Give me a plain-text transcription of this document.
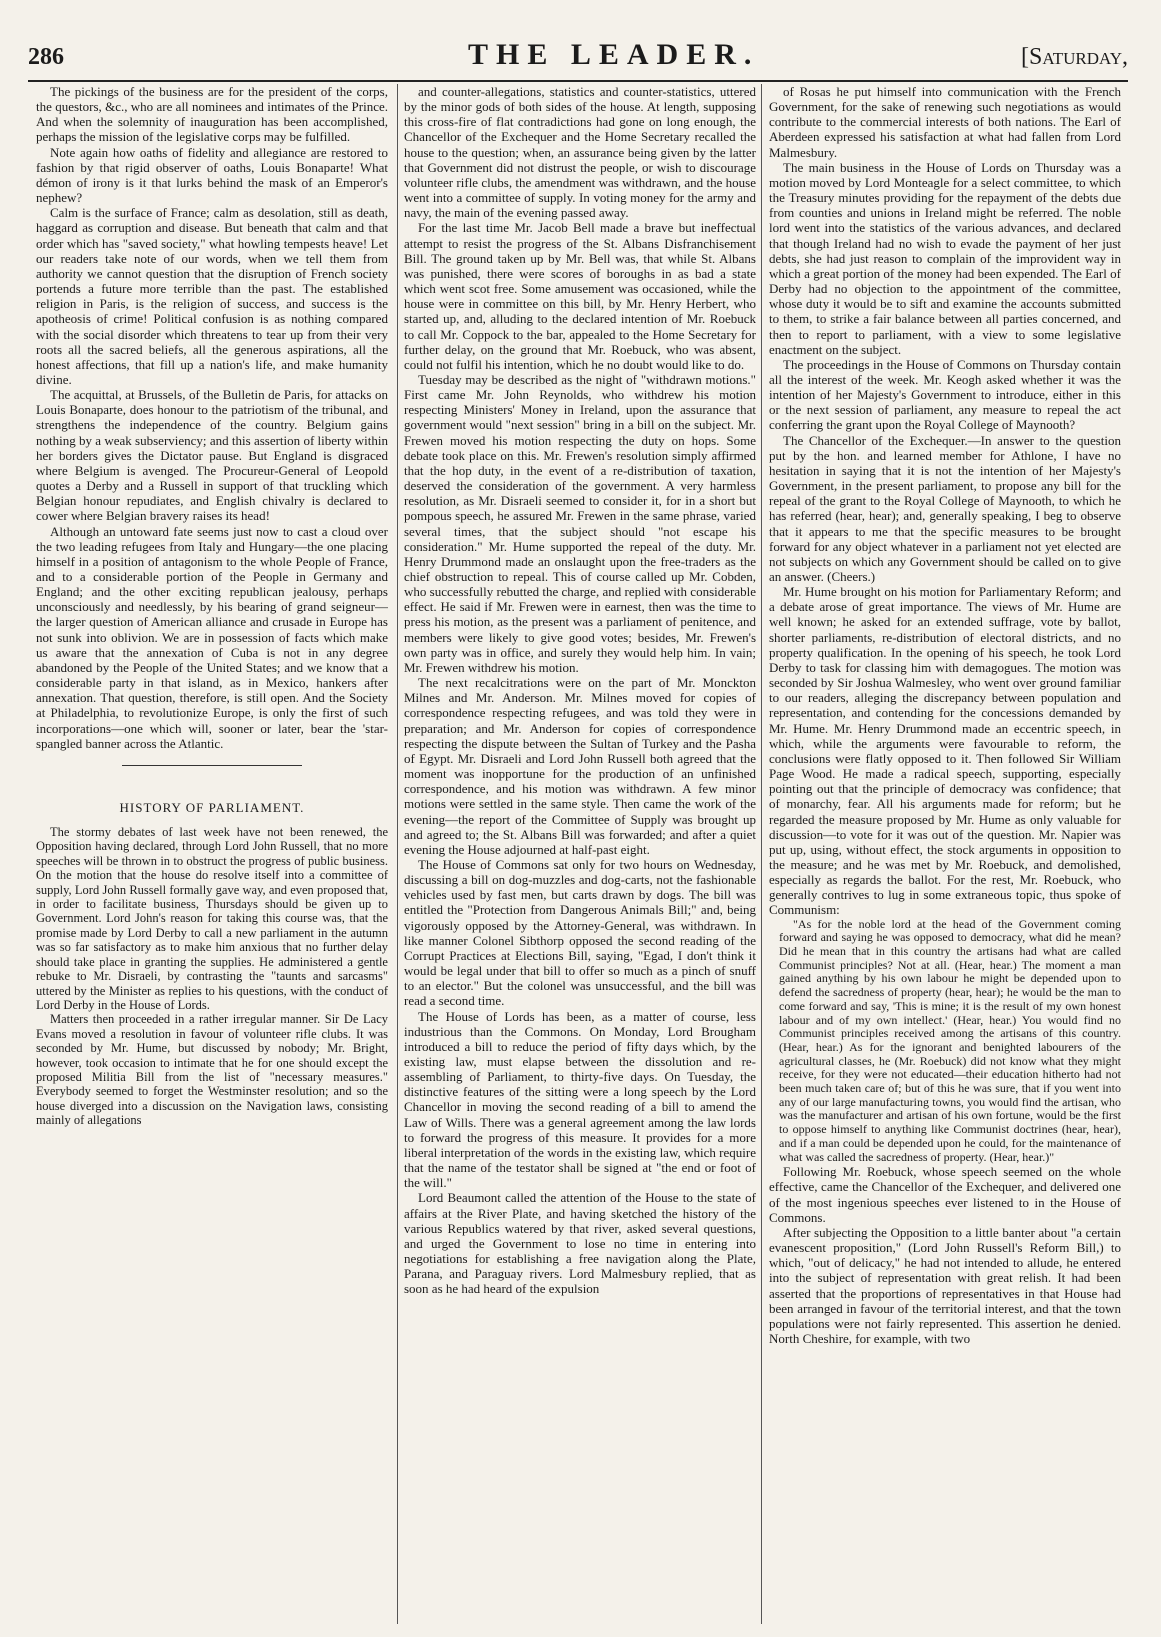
286	THE LEADER.	[Saturday,

The pickings of the business are for the president of the corps, the questors, &c., who are all nominees and intimates of the Prince. And when the solemnity of inauguration has been accomplished, perhaps the mission of the legislative corps may be fulfilled.

Note again how oaths of fidelity and allegiance are restored to fashion by that rigid observer of oaths, Louis Bonaparte! What démon of irony is it that lurks behind the mask of an Emperor's nephew?

Calm is the surface of France; calm as desolation, still as death, haggard as corruption and disease. But beneath that calm and that order which has "saved society," what howling tempests heave! Let our readers take note of our words, when we tell them from authority we cannot question that the disruption of French society portends a future more terrible than the past. The established religion in Paris, is the religion of success, and success is the apotheosis of crime! Political confusion is as nothing compared with the social disorder which threatens to tear up from their very roots all the sacred beliefs, all the generous aspirations, all the honest affections, that fill up a nation's life, and make humanity divine.

The acquittal, at Brussels, of the Bulletin de Paris, for attacks on Louis Bonaparte, does honour to the patriotism of the tribunal, and strengthens the independence of the country. Belgium gains nothing by a weak subserviency; and this assertion of liberty within her borders gives the Dictator pause. But England is disgraced where Belgium is avenged. The Procureur-General of Leopold quotes a Derby and a Russell in support of that truckling which Belgian honour repudiates, and English chivalry is declared to cower where Belgian bravery raises its head!

Although an untoward fate seems just now to cast a cloud over the two leading refugees from Italy and Hungary—the one placing himself in a position of antagonism to the whole People of France, and to a considerable portion of the People in Germany and England; and the other exciting republican jealousy, perhaps unconsciously and needlessly, by his bearing of grand seigneur—the larger question of American alliance and crusade in Europe has not sunk into oblivion. We are in possession of facts which make us aware that the annexation of Cuba is not in any degree abandoned by the People of the United States; and we know that a considerable party in that island, as in Mexico, hankers after annexation. That question, therefore, is still open. And the Society at Philadelphia, to revolutionize Europe, is only the first of such incorporations—one which will, sooner or later, bear the 'star-spangled banner across the Atlantic.

HISTORY OF PARLIAMENT.

The stormy debates of last week have not been renewed, the Opposition having declared, through Lord John Russell, that no more speeches will be thrown in to obstruct the progress of public business. On the motion that the house do resolve itself into a committee of supply, Lord John Russell formally gave way, and even proposed that, in order to facilitate business, Thursdays should be given up to Government. Lord John's reason for taking this course was, that the promise made by Lord Derby to call a new parliament in the autumn was so far satisfactory as to make him anxious that no further delay should take place in granting the supplies. He administered a gentle rebuke to Mr. Disraeli, by contrasting the "taunts and sarcasms" uttered by the Minister as replies to his questions, with the conduct of Lord Derby in the House of Lords.

Matters then proceeded in a rather irregular manner. Sir De Lacy Evans moved a resolution in favour of volunteer rifle clubs. It was seconded by Mr. Hume, but discussed by nobody; Mr. Bright, however, took occasion to intimate that he for one should except the proposed Militia Bill from the list of "necessary measures." Everybody seemed to forget the Westminster resolution; and so the house diverged into a discussion on the Navigation laws, consisting mainly of allegations

and counter-allegations, statistics and counter-statistics, uttered by the minor gods of both sides of the house. At length, supposing this cross-fire of flat contradictions had gone on long enough, the Chancellor of the Exchequer and the Home Secretary recalled the house to the question; when, an assurance being given by the latter that Government did not distrust the people, or wish to discourage volunteer rifle clubs, the amendment was withdrawn, and the house went into a committee of supply. In voting money for the army and navy, the main of the evening passed away.

For the last time Mr. Jacob Bell made a brave but ineffectual attempt to resist the progress of the St. Albans Disfranchisement Bill. The ground taken up by Mr. Bell was, that while St. Albans was punished, there were scores of boroughs in as bad a state which went scot free. Some amusement was occasioned, while the house were in committee on this bill, by Mr. Henry Herbert, who started up, and, alluding to the declared intention of Mr. Roebuck to call Mr. Coppock to the bar, appealed to the Home Secretary for further delay, on the ground that Mr. Roebuck, who was absent, could not fulfil his intention, which he no doubt would like to do.

Tuesday may be described as the night of "withdrawn motions." First came Mr. John Reynolds, who withdrew his motion respecting Ministers' Money in Ireland, upon the assurance that government would "next session" bring in a bill on the subject. Mr. Frewen moved his motion respecting the duty on hops. Some debate took place on this. Mr. Frewen's resolution simply affirmed that the hop duty, in the event of a re-distribution of taxation, deserved the consideration of the government. A very harmless resolution, as Mr. Disraeli seemed to consider it, for in a short but pompous speech, he assured Mr. Frewen in the same phrase, varied several times, that the subject should "not escape his consideration." Mr. Hume supported the repeal of the duty. Mr. Henry Drummond made an onslaught upon the free-traders as the chief obstruction to repeal. This of course called up Mr. Cobden, who successfully rebutted the charge, and replied with considerable effect. He said if Mr. Frewen were in earnest, then was the time to press his motion, as the present was a parliament of penitence, and members were likely to give good votes; besides, Mr. Frewen's own party was in office, and surely they would help him. In vain; Mr. Frewen withdrew his motion.

The next recalcitrations were on the part of Mr. Monckton Milnes and Mr. Anderson. Mr. Milnes moved for copies of correspondence respecting refugees, and was told they were in preparation; and Mr. Anderson for copies of correspondence respecting the dispute between the Sultan of Turkey and the Pasha of Egypt. Mr. Disraeli and Lord John Russell both agreed that the moment was inopportune for the production of an unfinished correspondence, and his motion was withdrawn. A few minor motions were settled in the same style. Then came the work of the evening—the report of the Committee of Supply was brought up and agreed to; the St. Albans Bill was forwarded; and after a quiet evening the House adjourned at half-past eight.

The House of Commons sat only for two hours on Wednesday, discussing a bill on dog-muzzles and dog-carts, not the fashionable vehicles used by fast men, but carts drawn by dogs. The bill was entitled the "Protection from Dangerous Animals Bill;" and, being vigorously opposed by the Attorney-General, was withdrawn. In like manner Colonel Sibthorp opposed the second reading of the Corrupt Practices at Elections Bill, saying, "Egad, I don't think it would be legal under that bill to offer so much as a pinch of snuff to an elector." But the colonel was unsuccessful, and the bill was read a second time.

The House of Lords has been, as a matter of course, less industrious than the Commons. On Monday, Lord Brougham introduced a bill to reduce the period of fifty days which, by the existing law, must elapse between the dissolution and re-assembling of Parliament, to thirty-five days. On Tuesday, the distinctive features of the sitting were a long speech by the Lord Chancellor in moving the second reading of a bill to amend the Law of Wills. There was a general agreement among the law lords to forward the progress of this measure. It provides for a more liberal interpretation of the words in the existing law, which require that the name of the testator shall be signed at "the end or foot of the will."

Lord Beaumont called the attention of the House to the state of affairs at the River Plate, and having sketched the history of the various Republics watered by that river, asked several questions, and urged the Government to lose no time in entering into negotiations for establishing a free navigation along the Plate, Parana, and Paraguay rivers. Lord Malmesbury replied, that as soon as he had heard of the expulsion

of Rosas he put himself into communication with the French Government, for the sake of renewing such negotiations as would contribute to the commercial interests of both nations. The Earl of Aberdeen expressed his satisfaction at what had fallen from Lord Malmesbury.

The main business in the House of Lords on Thursday was a motion moved by Lord Monteagle for a select committee, to which the Treasury minutes providing for the repayment of the debts due from counties and unions in Ireland might be referred. The noble lord went into the statistics of the various advances, and declared that though Ireland had no wish to evade the payment of her just debts, she had just reason to complain of the improvident way in which a great portion of the money had been expended. The Earl of Derby had no objection to the appointment of the committee, whose duty it would be to sift and examine the accounts submitted to them, to strike a fair balance between all parties concerned, and then to report to parliament, with a view to some legislative enactment on the subject.

The proceedings in the House of Commons on Thursday contain all the interest of the week. Mr. Keogh asked whether it was the intention of her Majesty's Government to introduce, either in this or the next session of parliament, any measure to repeal the act conferring the grant upon the Royal College of Maynooth?

The Chancellor of the Exchequer.—In answer to the question put by the hon. and learned member for Athlone, I have no hesitation in saying that it is not the intention of her Majesty's Government, in the present parliament, to propose any bill for the repeal of the grant to the Royal College of Maynooth, to which he has referred (hear, hear); and, generally speaking, I beg to observe that it appears to me that the specific measures to be brought forward for any object whatever in a parliament not yet elected are not subjects on which any Government should be called on to give an answer. (Cheers.)

Mr. Hume brought on his motion for Parliamentary Reform; and a debate arose of great importance. The views of Mr. Hume are well known; he asked for an extended suffrage, vote by ballot, shorter parliaments, re-distribution of electoral districts, and no property qualification. In the opening of his speech, he took Lord Derby to task for classing him with demagogues. The motion was seconded by Sir Joshua Walmesley, who went over ground familiar to our readers, alleging the discrepancy between population and representation, and contending for the concessions demanded by Mr. Hume. Mr. Henry Drummond made an eccentric speech, in which, while the arguments were favourable to reform, the conclusions were flatly opposed to it. Then followed Sir William Page Wood. He made a radical speech, supporting, especially pointing out that the principle of democracy was confidence; that of monarchy, fear. All his arguments made for reform; but he regarded the measure proposed by Mr. Hume as only valuable for discussion—to vote for it was out of the question. Mr. Napier was put up, using, without effect, the stock arguments in opposition to the measure; and he was met by Mr. Roebuck, and demolished, especially as regards the ballot. For the rest, Mr. Roebuck, who generally contrives to lug in some extraneous topic, thus spoke of Communism:

"As for the noble lord at the head of the Government coming forward and saying he was opposed to democracy, what did he mean? Did he mean that in this country the artisans had what are called Communist principles? Not at all. (Hear, hear.) The moment a man gained anything by his own labour he might be depended upon to defend the sacredness of property (hear, hear); he would be the man to come forward and say, 'This is mine; it is the result of my own honest labour and of my own intellect.' (Hear, hear.) You would find no Communist principles received among the artisans of this country. (Hear, hear.) As for the ignorant and benighted labourers of the agricultural classes, he (Mr. Roebuck) did not know what they might receive, for they were not educated—their education hitherto had not been much taken care of; but of this he was sure, that if you went into any of our large manufacturing towns, you would find the artisan, who was the manufacturer and artisan of his own fortune, would be the first to oppose himself to anything like Communist doctrines (hear, hear), and if a man could be depended upon he could, for the maintenance of what was called the sacredness of property. (Hear, hear.)"

Following Mr. Roebuck, whose speech seemed on the whole effective, came the Chancellor of the Exchequer, and delivered one of the most ingenious speeches ever listened to in the House of Commons.

After subjecting the Opposition to a little banter about "a certain evanescent proposition," (Lord John Russell's Reform Bill,) to which, "out of delicacy," he had not intended to allude, he entered into the subject of representation with great relish. It had been asserted that the proportions of representatives in that House had been arranged in favour of the territorial interest, and that the town populations were not fairly represented. This assertion he denied. North Cheshire, for example, with two
